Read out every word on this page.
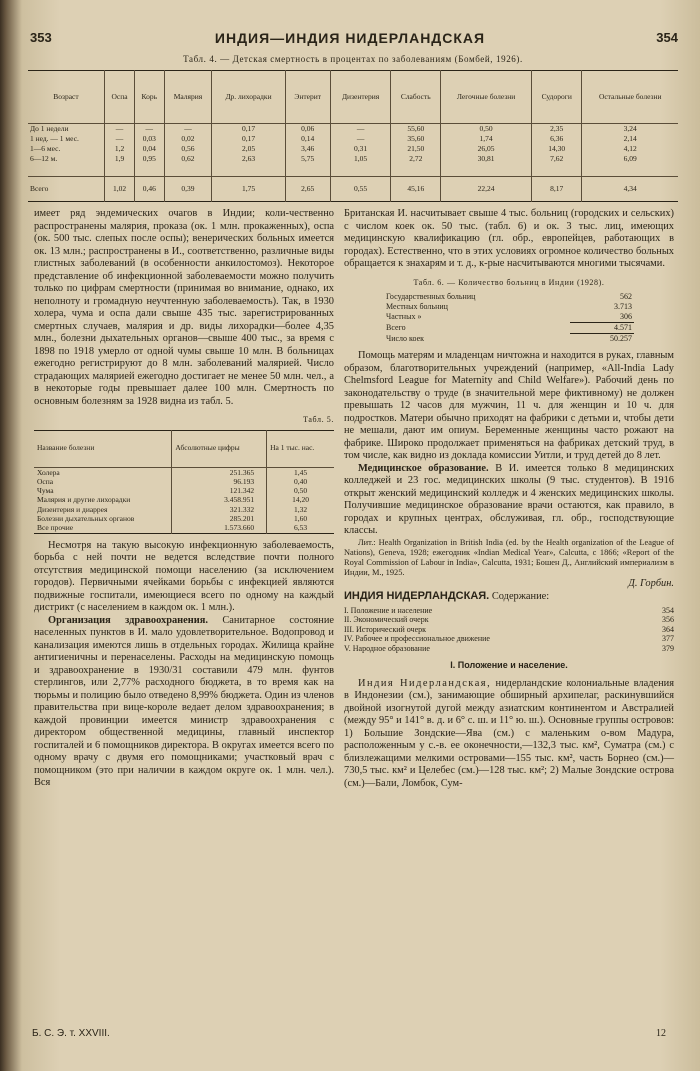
353	ИНДИЯ—ИНДИЯ НИДЕРЛАНДСКАЯ	354
Табл. 4. — Детская смертность в процентах по заболеваниям (Бомбей, 1926).
Возраст	Оспа	Корь	Малярия	Др. лихорадки	Энтерит	Дизентерия	Слабость	Легочные болезни	Судороги	Остальные болезни
До 1 недели	—	—	—	0,17	0,06	—	55,60	0,50	2,35	3,24
1 нед. — 1 мес.	—	0,03	0,02	0,17	0,14	—	35,60	1,74	6,36	2,14
1—6 мес.	1,2	0,04	0,56	2,05	3,46	0,31	21,50	26,05	14,30	4,12
6—12 м.	1,9	0,95	0,62	2,63	5,75	1,05	2,72	30,81	7,62	6,09

Всего	1,02	0,46	0,39	1,75	2,65	0,55	45,16	22,24	8,17	4,34

имеет ряд эндемических очагов в Индии; коли-чественно распространены малярия, проказа (ок. 1 млн. прокаженных), оспа (ок. 500 тыс. слепых после оспы); венерических больных имеется ок. 13 млн.; распространены в И., соответственно, различные виды глистных заболеваний (в особенности анкилостомоз). Некоторое представление об инфекционной заболеваемости можно получить только по цифрам смертности (принимая во внимание, однако, их неполноту и громадную неучтенную заболеваемость). Так, в 1930 холера, чума и оспа дали свыше 435 тыс. зарегистрированных смертных случаев, малярия и др. виды лихорадки—более 4,35 млн., болезни дыхательных органов—свыше 400 тыс., за время с 1898 по 1918 умерло от одной чумы свыше 10 млн. В больницах ежегодно регистрируют до 8 млн. заболеваний малярией. Число страдающих малярией ежегодно достигает не менее 50 млн. чел., а в некоторые годы превышает далее 100 млн. Смертность по основным болезням за 1928 видна из табл. 5.

Табл. 5.
Название болезни	Абсолютные цифры	На 1 тыс. нас.
Холера	251.365	1,45
Оспа	96.193	0,40
Чума	121.342	0,50
Малярия и другие лихорадки	3.458.951	14,20
Дизентерия и диаррея	321.332	1,32
Болезни дыхательных органов	285.201	1,60
Все прочие	1.573.660	6,53

Несмотря на такую высокую инфекционную заболеваемость, борьба с ней почти не ведется вследствие почти полного отсутствия медицинской помощи населению (за исключением городов). Первичными ячейками борьбы с инфекцией являются подвижные госпитали, имеющиеся всего по одному на каждый дистрикт (с населением в каждом ок. 1 млн.).

Организация здравоохранения. Санитарное состояние населенных пунктов в И. мало удовлетворительное. Водопровод и канализация имеются лишь в отдельных городах. Жилища крайне антигиеничны и перенаселены. Расходы на медицинскую помощь и здравоохранение в 1930/31 составили 479 млн. фунтов стерлингов, или 2,77% расходного бюджета, в то время как на тюрьмы и полицию было отведено 8,99% бюджета. Один из членов правительства при вице-короле ведает делом здравоохранения; в каждой провинции имеется министр здравоохранения с директором общественной медицины, главный инспектор госпиталей и 6 помощников директора. В округах имеется всего по одному врачу с двумя его помощниками; участковый врач с помощником (это при наличии в каждом округе ок. 1 млн. чел.). Вся

Британская И. насчитывает свыше 4 тыс. больниц (городских и сельских) с числом коек ок. 50 тыс. (табл. 6) и ок. 3 тыс. лиц, имеющих медицинскую квалификацию (гл. обр., европейцев, работающих в городах). Естественно, что в этих условиях огромное количество больных обращается к знахарям и т. д., к-рые насчитываются многими тысячами.

Табл. 6. — Количество больниц в Индии (1928).
Государственных больниц	562
Местных больниц	3.713
Частных »	306
Всего	4.571
Число коек	50.257

Помощь матерям и младенцам ничтожна и находится в руках, главным образом, благотворительных учреждений (например, «All-India Lady Chelmsford League for Maternity and Child Welfare»). Рабочий день по законодательству о труде (в значительной мере фиктивному) не должен превышать 12 часов для мужчин, 11 ч. для женщин и 10 ч. для подростков. Матери обычно приходят на фабрики с детьми и, чтобы дети не мешали, дают им опиум. Беременные женщины часто рожают на фабрике. Широко продолжает применяться на фабриках детский труд, в том числе, как видно из доклада комиссии Уитли, и труд детей до 8 лет.

Медицинское образование. В И. имеется только 8 медицинских колледжей и 23 гос. медицинских школы (9 тыс. студентов). В 1916 открыт женский медицинский колледж и 4 женских медицинских школы. Получившие медицинское образование врачи остаются, как правило, в городах и крупных центрах, обслуживая, гл. обр., господствующие классы.

Лит.: Health Organization in British India (ed. by the Health organization of the League of Nations), Geneva, 1928; ежегодник «Indian Medical Year», Calcutta, с 1866; «Report of the Royal Commission of Labour in India», Calcutta, 1931; Бошен Д., Английский империализм в Индии, М., 1925.

Д. Горбин.
ИНДИЯ НИДЕРЛАНДСКАЯ. Содержание:
I. Положение и население	354
II. Экономический очерк	356
III. Исторический очерк	364
IV. Рабочее и профессиональное движение	377
V. Народное образование	379
I. Положение и население.

Индия Нидерландская, нидерландские колониальные владения в Индонезии (см.), занимающие обширный архипелаг, раскинувшийся двойной изогнутой дугой между азиатским континентом и Австралией (между 95° и 141° в. д. и 6° с. ш. и 11° ю. ш.). Основные группы островов: 1) Большие Зондские—Ява (см.) с маленьким о-вом Мадура, расположенным у с.-в. ее оконечности,—132,3 тыс. км², Суматра (см.) с близлежащими мелкими островами—155 тыс. км², часть Борнео (см.)—730,5 тыс. км² и Целебес (см.)—128 тыс. км²; 2) Малые Зондские острова (см.)—Бали, Ломбок, Сум-

Б. С. Э. т. XXVIII.	12
